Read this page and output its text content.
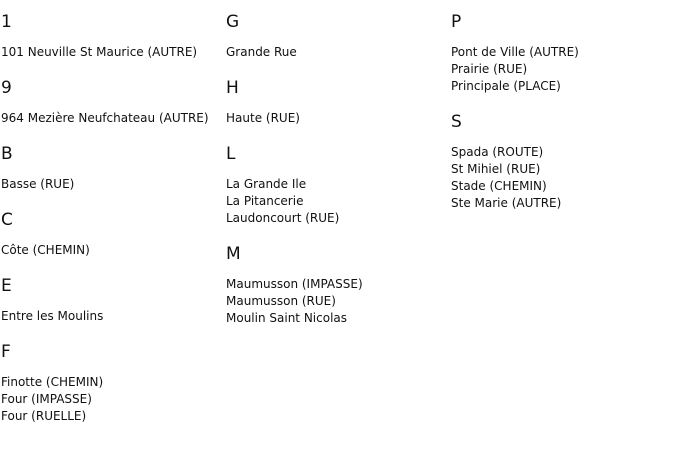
1
101 Neuville St Maurice (AUTRE)
9
964 Mezière Neufchateau (AUTRE)
B
Basse (RUE)
C
Côte (CHEMIN)
E
Entre les Moulins
F
Finotte (CHEMIN)
Four (IMPASSE)
Four (RUELLE)
G
Grande Rue
H
Haute (RUE)
L
La Grande Ile
La Pitancerie
Laudoncourt (RUE)
M
Maumusson (IMPASSE)
Maumusson (RUE)
Moulin Saint Nicolas
P
Pont de Ville (AUTRE)
Prairie (RUE)
Principale (PLACE)
S
Spada (ROUTE)
St Mihiel (RUE)
Stade (CHEMIN)
Ste Marie (AUTRE)
